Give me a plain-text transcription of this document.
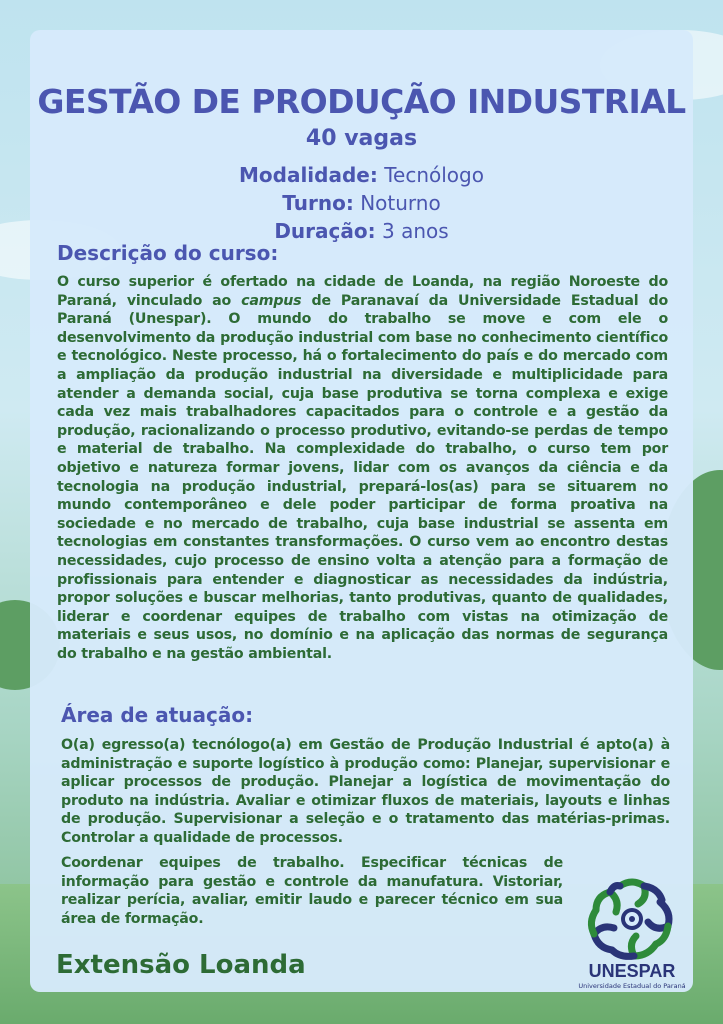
GESTÃO DE PRODUÇÃO INDUSTRIAL
40 vagas
Modalidade: Tecnólogo
Turno: Noturno
Duração: 3 anos
Descrição do curso:

O curso superior é ofertado na cidade de Loanda, na região Noroeste do Paraná, vinculado ao campus de Paranavaí da Universidade Estadual do Paraná (Unespar). O mundo do trabalho se move e com ele o desenvolvimento da produção industrial com base no conhecimento científico e tecnológico. Neste processo, há o fortalecimento do país e do mercado com a ampliação da produção industrial na diversidade e multiplicidade para atender a demanda social, cuja base produtiva se torna complexa e exige cada vez mais trabalhadores capacitados para o controle e a gestão da produção, racionalizando o processo produtivo, evitando-se perdas de tempo e material de trabalho. Na complexidade do trabalho, o curso tem por objetivo e natureza formar jovens, lidar com os avanços da ciência e da tecnologia na produção industrial, prepará-los(as) para se situarem no mundo contemporâneo e dele poder participar de forma proativa na sociedade e no mercado de trabalho, cuja base industrial se assenta em tecnologias em constantes transformações. O curso vem ao encontro destas necessidades, cujo processo de ensino volta a atenção para a formação de profissionais para entender e diagnosticar as necessidades da indústria, propor soluções e buscar melhorias, tanto produtivas, quanto de qualidades, liderar e coordenar equipes de trabalho com vistas na otimização de materiais e seus usos, no domínio e na aplicação das normas de segurança do trabalho e na gestão ambiental.

Área de atuação:
O(a) egresso(a) tecnólogo(a) em Gestão de Produção Industrial é apto(a) à administração e suporte logístico à produção como: Planejar, supervisionar e aplicar processos de produção. Planejar a logística de movimentação do produto na indústria. Avaliar e otimizar fluxos de materiais, layouts e linhas de produção. Supervisionar a seleção e o tratamento das matérias-primas. Controlar a qualidade de processos.
Coordenar equipes de trabalho. Especificar técnicas de informação para gestão e controle da manufatura. Vistoriar, realizar perícia, avaliar, emitir laudo e parecer técnico em sua área de formação.
Extensão Loanda	UNESPAR
Universidade Estadual do Paraná
